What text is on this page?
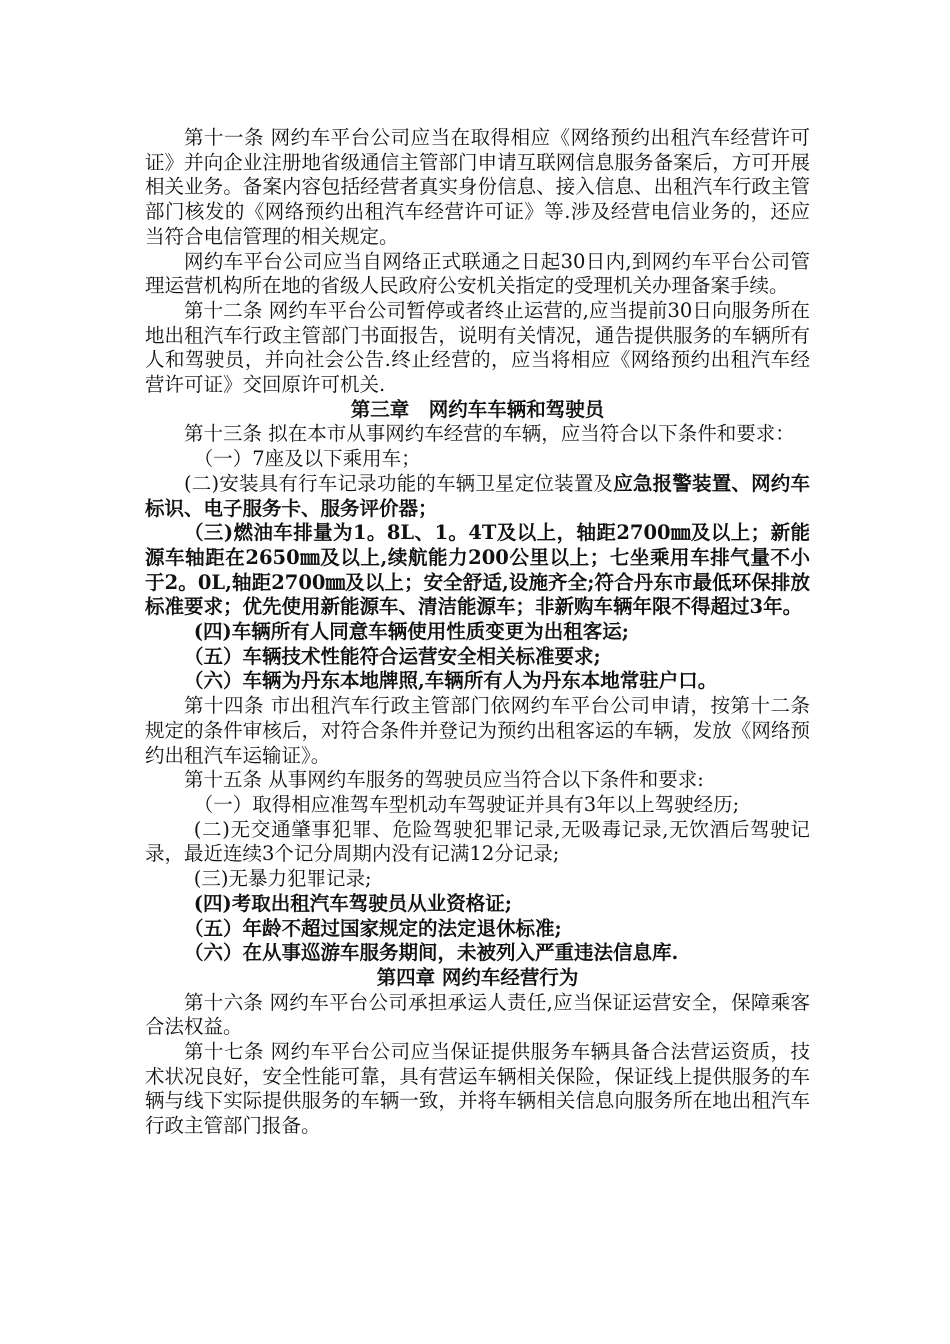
第十一条 网约车平台公司应当在取得相应《网络预约出租汽车经营许可证》并向企业注册地省级通信主管部门申请互联网信息服务备案后，方可开展相关业务。备案内容包括经营者真实身份信息、接入信息、出租汽车行政主管部门核发的《网络预约出租汽车经营许可证》等.涉及经营电信业务的，还应当符合电信管理的相关规定。

网约车平台公司应当自网络正式联通之日起30日内,到网约车平台公司管理运营机构所在地的省级人民政府公安机关指定的受理机关办理备案手续。

第十二条 网约车平台公司暂停或者终止运营的,应当提前30日向服务所在地出租汽车行政主管部门书面报告，说明有关情况，通告提供服务的车辆所有人和驾驶员，并向社会公告.终止经营的，应当将相应《网络预约出租汽车经营许可证》交回原许可机关.

第三章　网约车车辆和驾驶员

第十三条 拟在本市从事网约车经营的车辆，应当符合以下条件和要求：

（一）7座及以下乘用车；

(二)安装具有行车记录功能的车辆卫星定位装置及应急报警装置、网约车标识、电子服务卡、服务评价器；

（三)燃油车排量为1。8L、1。4T及以上，轴距2700㎜及以上；新能源车轴距在2650㎜及以上,续航能力200公里以上；七坐乘用车排气量不小于2。0L,轴距2700㎜及以上；安全舒适,设施齐全;符合丹东市最低环保排放标准要求；优先使用新能源车、清洁能源车；非新购车辆年限不得超过3年。

(四)车辆所有人同意车辆使用性质变更为出租客运;

（五）车辆技术性能符合运营安全相关标准要求;

（六）车辆为丹东本地牌照,车辆所有人为丹东本地常驻户口。

第十四条 市出租汽车行政主管部门依网约车平台公司申请，按第十二条规定的条件审核后，对符合条件并登记为预约出租客运的车辆，发放《网络预约出租汽车运输证》。

第十五条 从事网约车服务的驾驶员应当符合以下条件和要求:

（一）取得相应准驾车型机动车驾驶证并具有3年以上驾驶经历;

(二)无交通肇事犯罪、危险驾驶犯罪记录,无吸毒记录,无饮酒后驾驶记录，最近连续3个记分周期内没有记满12分记录;

(三)无暴力犯罪记录;

(四)考取出租汽车驾驶员从业资格证;

（五）年龄不超过国家规定的法定退休标准;

（六）在从事巡游车服务期间，未被列入严重违法信息库.

第四章 网约车经营行为

第十六条 网约车平台公司承担承运人责任,应当保证运营安全，保障乘客合法权益。

第十七条 网约车平台公司应当保证提供服务车辆具备合法营运资质，技术状况良好，安全性能可靠，具有营运车辆相关保险，保证线上提供服务的车辆与线下实际提供服务的车辆一致，并将车辆相关信息向服务所在地出租汽车行政主管部门报备。
